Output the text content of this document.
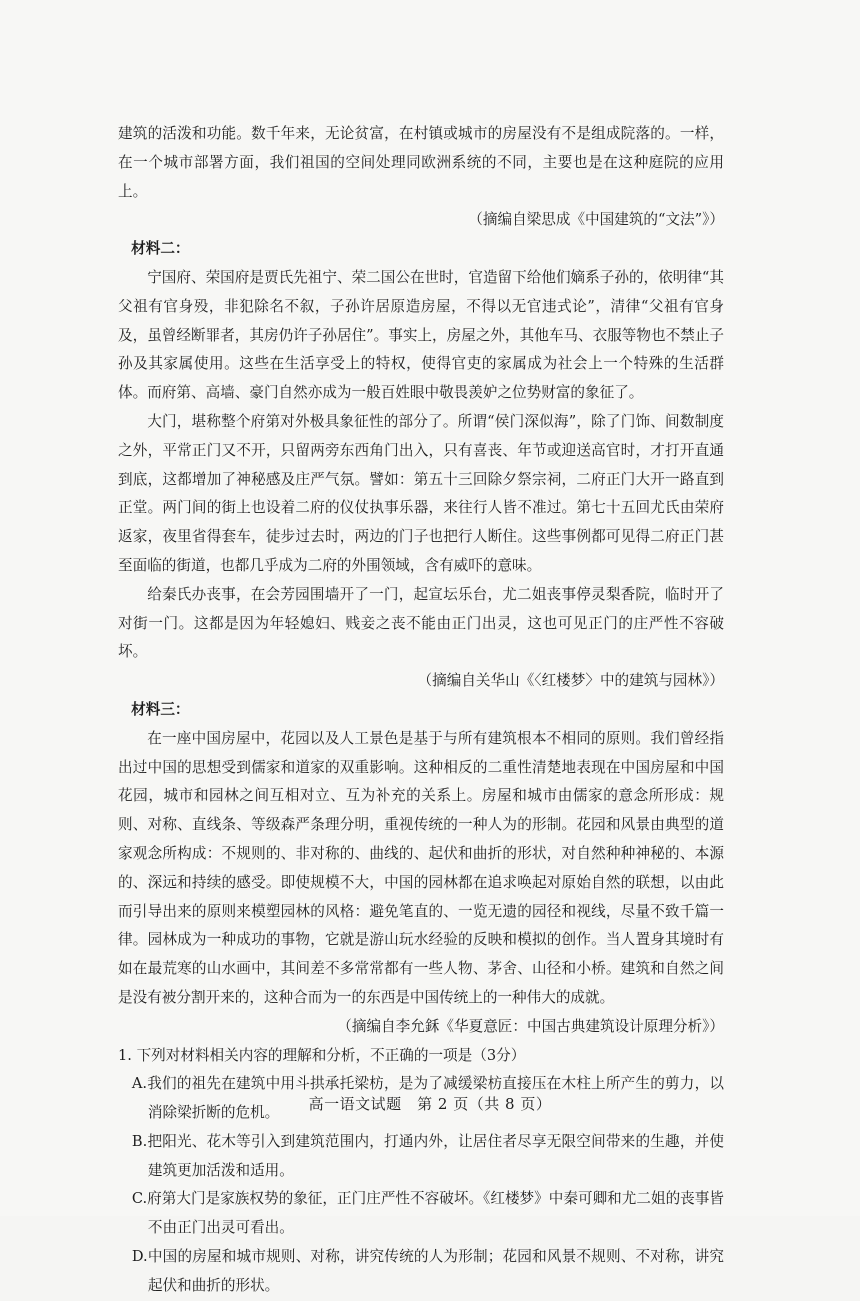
建筑的活泼和功能。数千年来，无论贫富，在村镇或城市的房屋没有不是组成院落的。一样，在一个城市部署方面，我们祖国的空间处理同欧洲系统的不同，主要也是在这种庭院的应用上。

（摘编自梁思成《中国建筑的“文法”》）

材料二：

宁国府、荣国府是贾氏先祖宁、荣二国公在世时，官造留下给他们嫡系子孙的，依明律“其父祖有官身殁，非犯除名不叙，子孙许居原造房屋，不得以无官违式论”，清律“父祖有官身及，虽曾经断罪者，其房仍许子孙居住”。事实上，房屋之外，其他车马、衣服等物也不禁止子孙及其家属使用。这些在生活享受上的特权，使得官吏的家属成为社会上一个特殊的生活群体。而府第、高墙、豪门自然亦成为一般百姓眼中敬畏羡妒之位势财富的象征了。

大门，堪称整个府第对外极具象征性的部分了。所谓“侯门深似海”，除了门饰、间数制度之外，平常正门又不开，只留两旁东西角门出入，只有喜丧、年节或迎送高官时，才打开直通到底，这都增加了神秘感及庄严气氛。譬如：第五十三回除夕祭宗祠，二府正门大开一路直到正堂。两门间的街上也设着二府的仪仗执事乐器，来往行人皆不准过。第七十五回尤氏由荣府返家，夜里省得套车，徒步过去时，两边的门子也把行人断住。这些事例都可见得二府正门甚至面临的街道，也都几乎成为二府的外围领域，含有威吓的意味。

给秦氏办丧事，在会芳园围墙开了一门，起宣坛乐台，尤二姐丧事停灵梨香院，临时开了对街一门。这都是因为年轻媳妇、贱妾之丧不能由正门出灵，这也可见正门的庄严性不容破坏。

（摘编自关华山《〈红楼梦〉中的建筑与园林》）

材料三：

在一座中国房屋中，花园以及人工景色是基于与所有建筑根本不相同的原则。我们曾经指出过中国的思想受到儒家和道家的双重影响。这种相反的二重性清楚地表现在中国房屋和中国花园，城市和园林之间互相对立、互为补充的关系上。房屋和城市由儒家的意念所形成：规则、对称、直线条、等级森严条理分明，重视传统的一种人为的形制。花园和风景由典型的道家观念所构成：不规则的、非对称的、曲线的、起伏和曲折的形状，对自然种种神秘的、本源的、深远和持续的感受。即使规模不大，中国的园林都在追求唤起对原始自然的联想，以由此而引导出来的原则来模塑园林的风格：避免笔直的、一览无遗的园径和视线，尽量不致千篇一律。园林成为一种成功的事物，它就是游山玩水经验的反映和模拟的创作。当人置身其境时有如在最荒寒的山水画中，其间差不多常常都有一些人物、茅舍、山径和小桥。建筑和自然之间是没有被分割开来的，这种合而为一的东西是中国传统上的一种伟大的成就。

（摘编自李允鉌《华夏意匠：中国古典建筑设计原理分析》）

1. 下列对材料相关内容的理解和分析，不正确的一项是（3分）

A.我们的祖先在建筑中用斗拱承托梁枋，是为了减缓梁枋直接压在木柱上所产生的剪力，以消除梁折断的危机。
B.把阳光、花木等引入到建筑范围内，打通内外，让居住者尽享无限空间带来的生趣，并使建筑更加活泼和适用。
C.府第大门是家族权势的象征，正门庄严性不容破坏。《红楼梦》中秦可卿和尤二姐的丧事皆不由正门出灵可看出。
D.中国的房屋和城市规则、对称，讲究传统的人为形制；花园和风景不规则、不对称，讲究起伏和曲折的形状。
高一语文试题　第 2 页（共 8 页）
